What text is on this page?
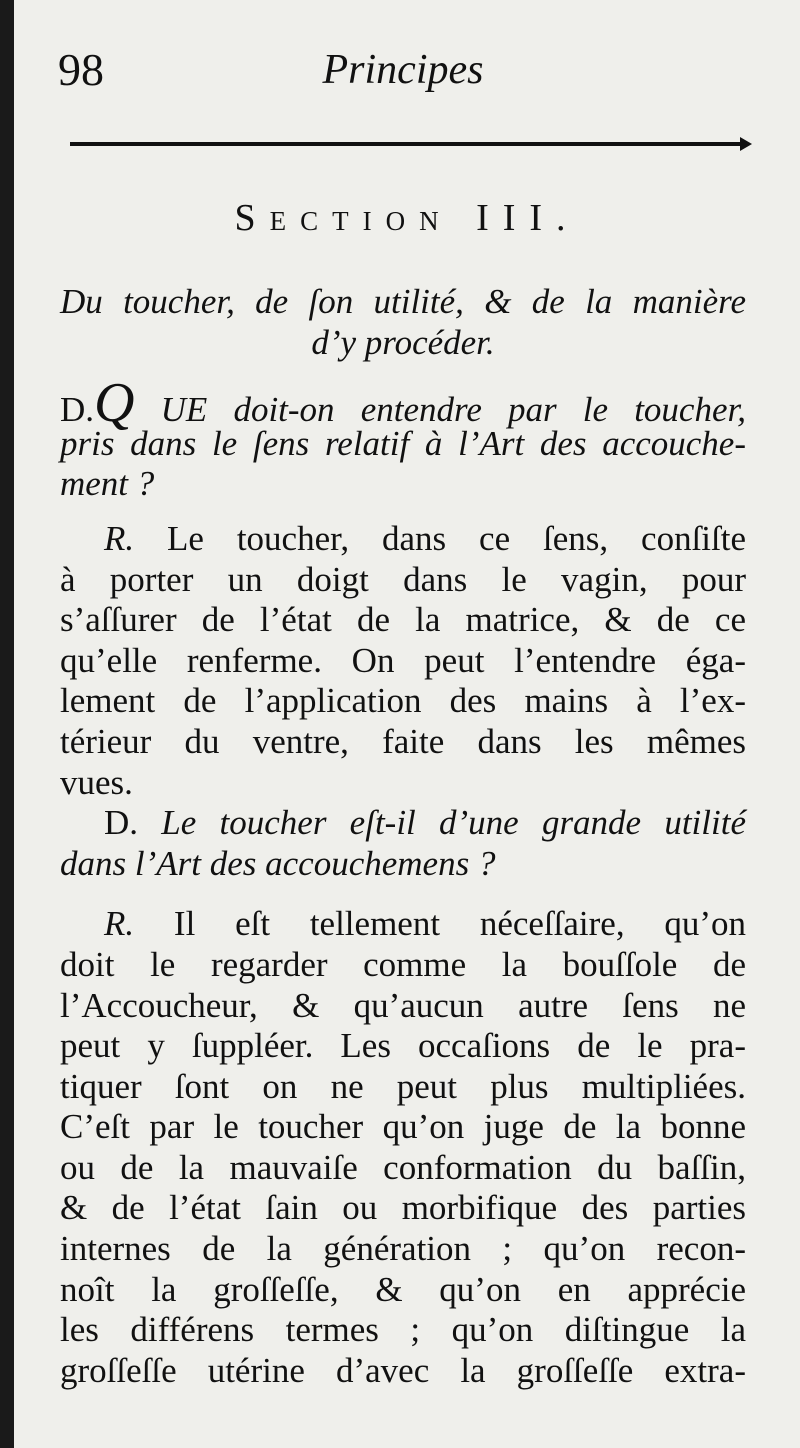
98	Principes
Section III.
Du toucher, de ſon utilité, & de la manière
d’y procéder.
D.Q UE doit-on entendre par le toucher,
pris dans le ſens relatif à l’Art des accouche-
ment ?
R. Le toucher, dans ce ſens, conſiſte
à porter un doigt dans le vagin, pour
s’aſſurer de l’état de la matrice, & de ce
qu’elle renferme. On peut l’entendre éga-
lement de l’application des mains à l’ex-
térieur du ventre, faite dans les mêmes
vues.
D. Le toucher eſt-il d’une grande utilité
dans l’Art des accouchemens ?
R. Il eſt tellement néceſſaire, qu’on
doit le regarder comme la bouſſole de
l’Accoucheur, & qu’aucun autre ſens ne
peut y ſuppléer. Les occaſions de le pra-
tiquer ſont on ne peut plus multipliées.
C’eſt par le toucher qu’on juge de la bonne
ou de la mauvaiſe conformation du baſſin,
& de l’état ſain ou morbifique des parties
internes de la génération ; qu’on recon-
noît la groſſeſſe, & qu’on en apprécie
les différens termes ; qu’on diſtingue la
groſſeſſe utérine d’avec la groſſeſſe extra-
